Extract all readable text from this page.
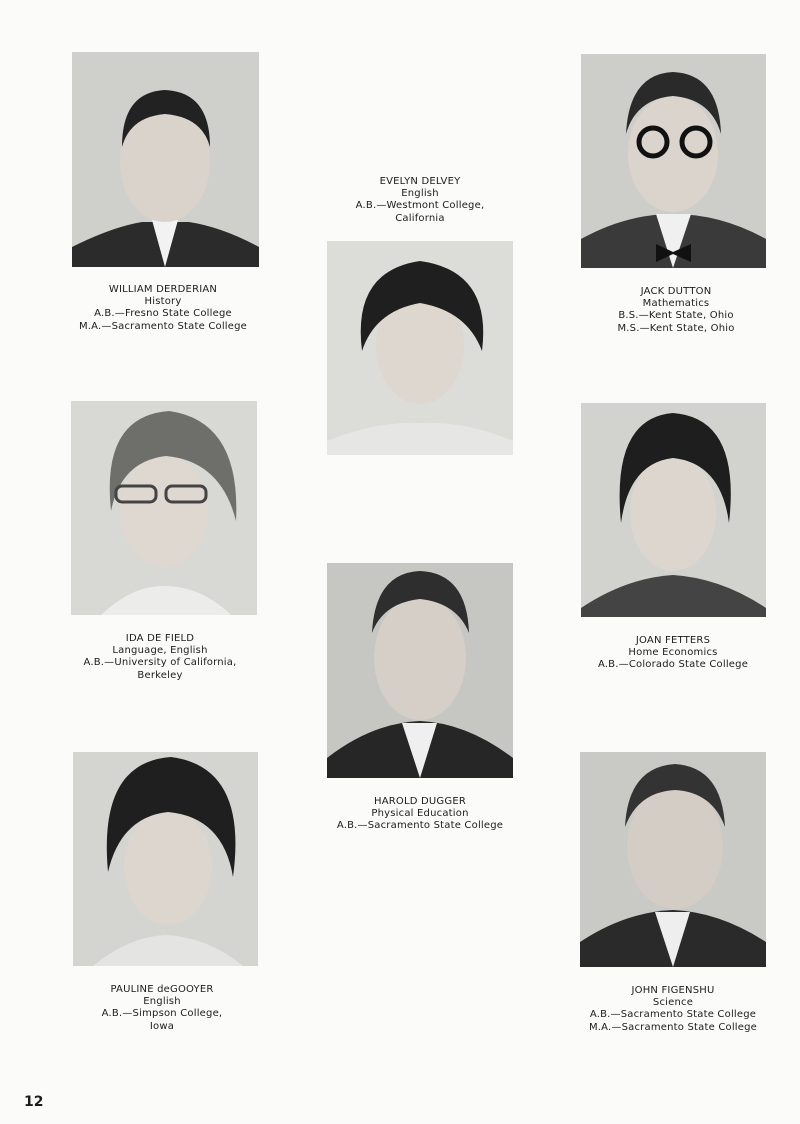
WILLIAM DERDERIAN
History
A.B.—Fresno State College
M.A.—Sacramento State College
EVELYN DELVEY
English
A.B.—Westmont College,
California
JACK DUTTON
Mathematics
B.S.—Kent State, Ohio
M.S.—Kent State, Ohio
IDA DE FIELD
Language, English
A.B.—University of California,
Berkeley
HAROLD DUGGER
Physical Education
A.B.—Sacramento State College
JOAN FETTERS
Home Economics
A.B.—Colorado State College
PAULINE deGOOYER
English
A.B.—Simpson College,
Iowa
JOHN FIGENSHU
Science
A.B.—Sacramento State College
M.A.—Sacramento State College
12
